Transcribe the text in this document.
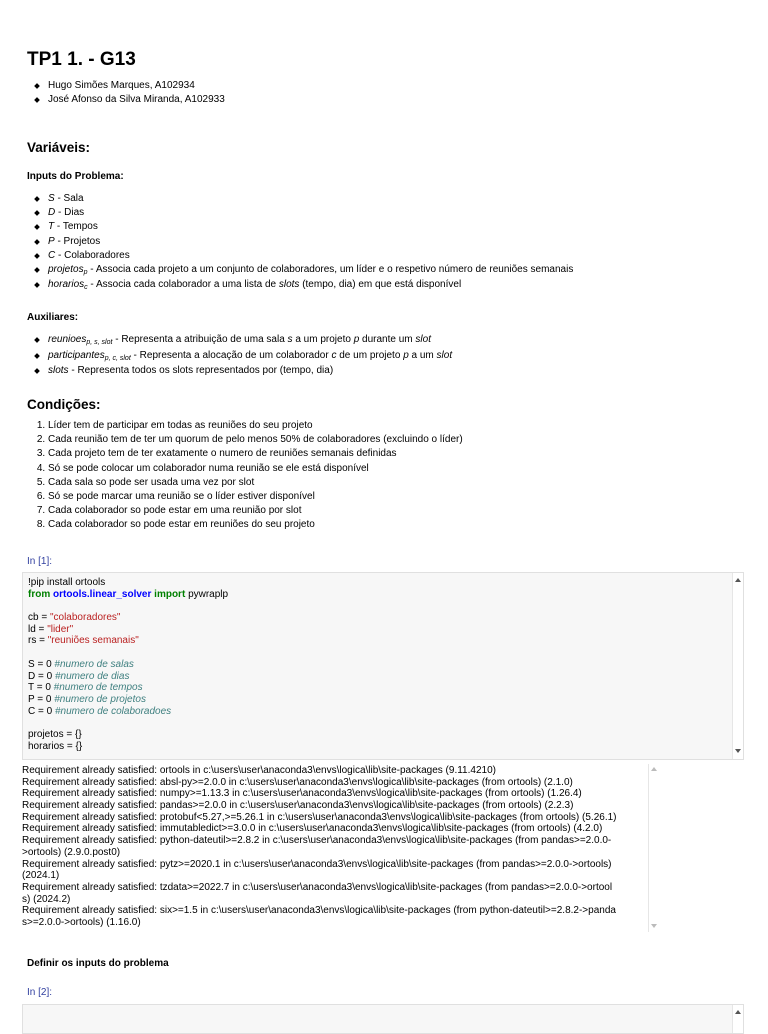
TP1 1. - G13
Hugo Simões Marques, A102934
José Afonso da Silva Miranda, A102933
Variáveis:
Inputs do Problema:
S - Sala
D - Dias
T - Tempos
P - Projetos
C - Colaboradores
projetos$_p$ - Associa cada projeto a um conjunto de colaboradores, um líder e o respetivo número de reuniões semanais
horarios$_c$ - Associa cada colaborador a uma lista de slots (tempo, dia) em que está disponível
Auxiliares:
reunioes$_{p, s, slot}$ - Representa a atribuição de uma sala s a um projeto p durante um slot
participantes$_{p, c, slot}$ - Representa a alocação de um colaborador c de um projeto p a um slot
slots - Representa todos os slots representados por (tempo, dia)
Condições:
1. Líder tem de participar em todas as reuniões do seu projeto
2. Cada reunião tem de ter um quorum de pelo menos 50% de colaboradores (excluindo o líder)
3. Cada projeto tem de ter exatamente o numero de reuniões semanais definidas
4. Só se pode colocar um colaborador numa reunião se ele está disponível
5. Cada sala so pode ser usada uma vez por slot
6. Só se pode marcar uma reunião se o líder estiver disponível
7. Cada colaborador so pode estar em uma reunião por slot
8. Cada colaborador so pode estar em reuniões do seu projeto
In [1]:
!pip install ortools
from ortools.linear_solver import pywraplp

cb = "colaboradores"
ld = "lider"
rs = "reuniões semanais"

S = 0 #numero de salas
D = 0 #numero de dias
T = 0 #numero de tempos
P = 0 #numero de projetos
C = 0 #numero de colaboradoes

projetos = {}
horarios = {}
Requirement already satisfied: ortools in c:\users\user\anaconda3\envs\logica\lib\site-packages (9.11.4210)
Requirement already satisfied: absl-py>=2.0.0 in c:\users\user\anaconda3\envs\logica\lib\site-packages (from ortools) (2.1.0)
Requirement already satisfied: numpy>=1.13.3 in c:\users\user\anaconda3\envs\logica\lib\site-packages (from ortools) (1.26.4)
Requirement already satisfied: pandas>=2.0.0 in c:\users\user\anaconda3\envs\logica\lib\site-packages (from ortools) (2.2.3)
Requirement already satisfied: protobuf<5.27,>=5.26.1 in c:\users\user\anaconda3\envs\logica\lib\site-packages (from ortools) (5.26.1)
Requirement already satisfied: immutabledict>=3.0.0 in c:\users\user\anaconda3\envs\logica\lib\site-packages (from ortools) (4.2.0)
Requirement already satisfied: python-dateutil>=2.8.2 in c:\users\user\anaconda3\envs\logica\lib\site-packages (from pandas>=2.0.0-
>ortools) (2.9.0.post0)
Requirement already satisfied: pytz>=2020.1 in c:\users\user\anaconda3\envs\logica\lib\site-packages (from pandas>=2.0.0->ortools)
(2024.1)
Requirement already satisfied: tzdata>=2022.7 in c:\users\user\anaconda3\envs\logica\lib\site-packages (from pandas>=2.0.0->ortool
s) (2024.2)
Requirement already satisfied: six>=1.5 in c:\users\user\anaconda3\envs\logica\lib\site-packages (from python-dateutil>=2.8.2->panda
s>=2.0.0->ortools) (1.16.0)
Definir os inputs do problema
In [2]:
